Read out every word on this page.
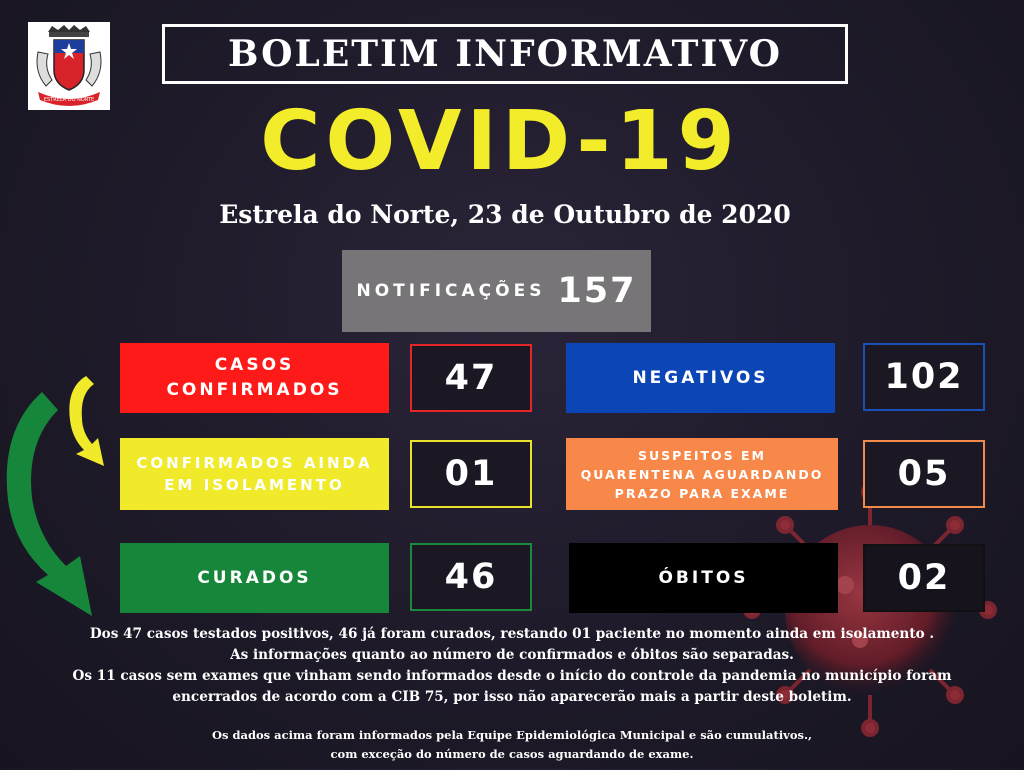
ESTRELA DO NORTE
BOLETIM INFORMATIVO
COVID-19
Estrela do Norte, 23 de Outubro de 2020
NOTIFICAÇÕES 157
CASOS
CONFIRMADOS	47
CONFIRMADOS AINDA
EM ISOLAMENTO	01
CURADOS	46
NEGATIVOS	102
SUSPEITOS EM
QUARENTENA AGUARDANDO
PRAZO PARA EXAME	05
ÓBITOS	02
Dos 47 casos testados positivos, 46 já foram curados, restando 01 paciente no momento ainda em isolamento .
As informações quanto ao número de confirmados e óbitos são separadas.
Os 11 casos sem exames que vinham sendo informados desde o início do controle da pandemia no município foram
encerrados de acordo com a CIB 75, por isso não aparecerão mais a partir deste boletim.
Os dados acima foram informados pela Equipe Epidemiológica Municipal e são cumulativos.,
com exceção do número de casos aguardando de exame.
